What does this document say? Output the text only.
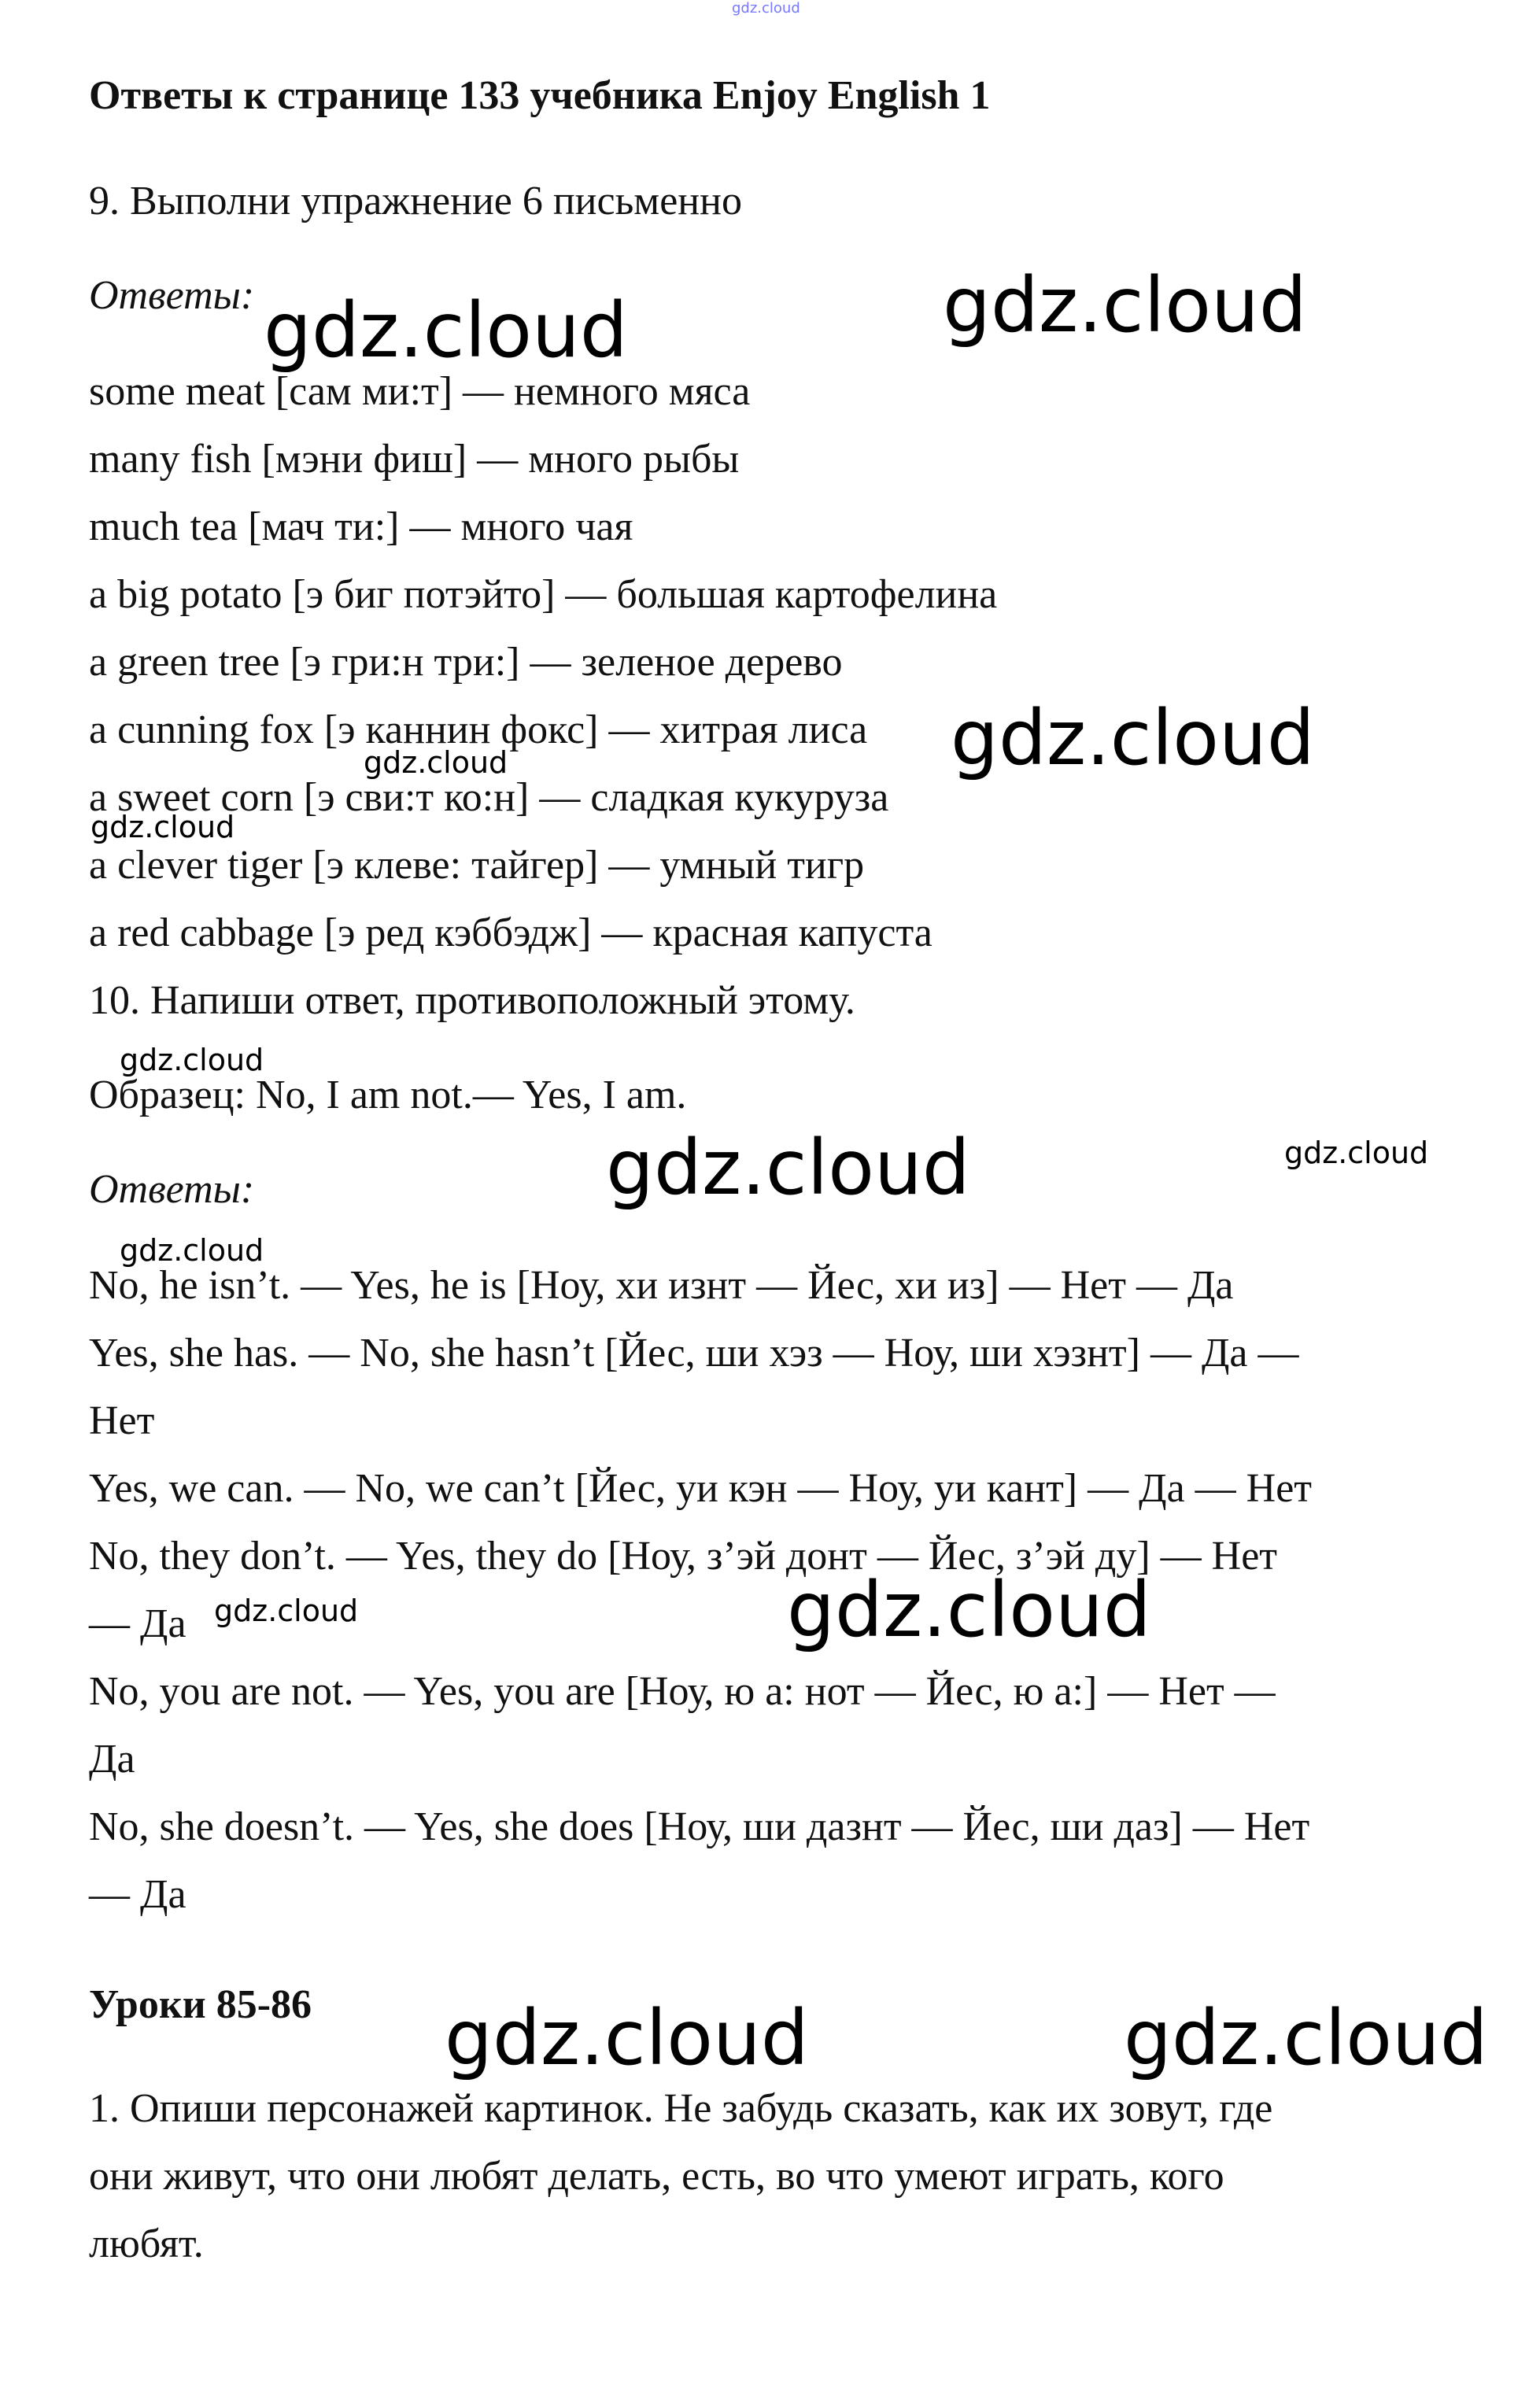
gdz.cloud
Ответы к странице 133 учебника Enjoy English 1
9. Выполни упражнение 6 письменно
Ответы:
some meat [сам ми:т] — немного мяса
many fish [мэни фиш] — много рыбы
much tea [мач ти:] — много чая
a big potato [э биг потэйто] — большая картофелина
a green tree [э гри:н три:] — зеленое дерево
a cunning fox [э каннин фокс] — хитрая лиса
a sweet corn [э сви:т ко:н] — сладкая кукуруза
a clever tiger [э клеве: тайгер] — умный тигр
a red cabbage [э ред кэббэдж] — красная капуста
10. Напиши ответ, противоположный этому.
Образец: No, I am not.— Yes, I am.
Ответы:
No, he isn’t. — Yes, he is [Ноу, хи изнт — Йес, хи из] — Нет — Да
Yes, she has. — No, she hasn’t [Йес, ши хэз — Ноу, ши хэзнт] — Да —
Нет
Yes, we can. — No, we can’t [Йес, уи кэн — Ноу, уи кант] — Да — Нет
No, they don’t. — Yes, they do [Ноу, з’эй донт — Йес, з’эй ду] — Нет
— Да
No, you are not. — Yes, you are [Ноу, ю а: нот — Йес, ю а:] — Нет —
Да
No, she doesn’t. — Yes, she does [Ноу, ши дазнт — Йес, ши даз] — Нет
— Да
Уроки 85-86
1. Опиши персонажей картинок. Не забудь сказать, как их зовут, где
они живут, что они любят делать, есть, во что умеют играть, кого
любят.
gdz.cloud	gdz.cloud
gdz.cloud
gdz.cloud
gdz.cloud
gdz.cloud
gdz.cloud	gdz.cloud
gdz.cloud
gdz.cloud
gdz.cloud
gdz.cloud	gdz.cloud
